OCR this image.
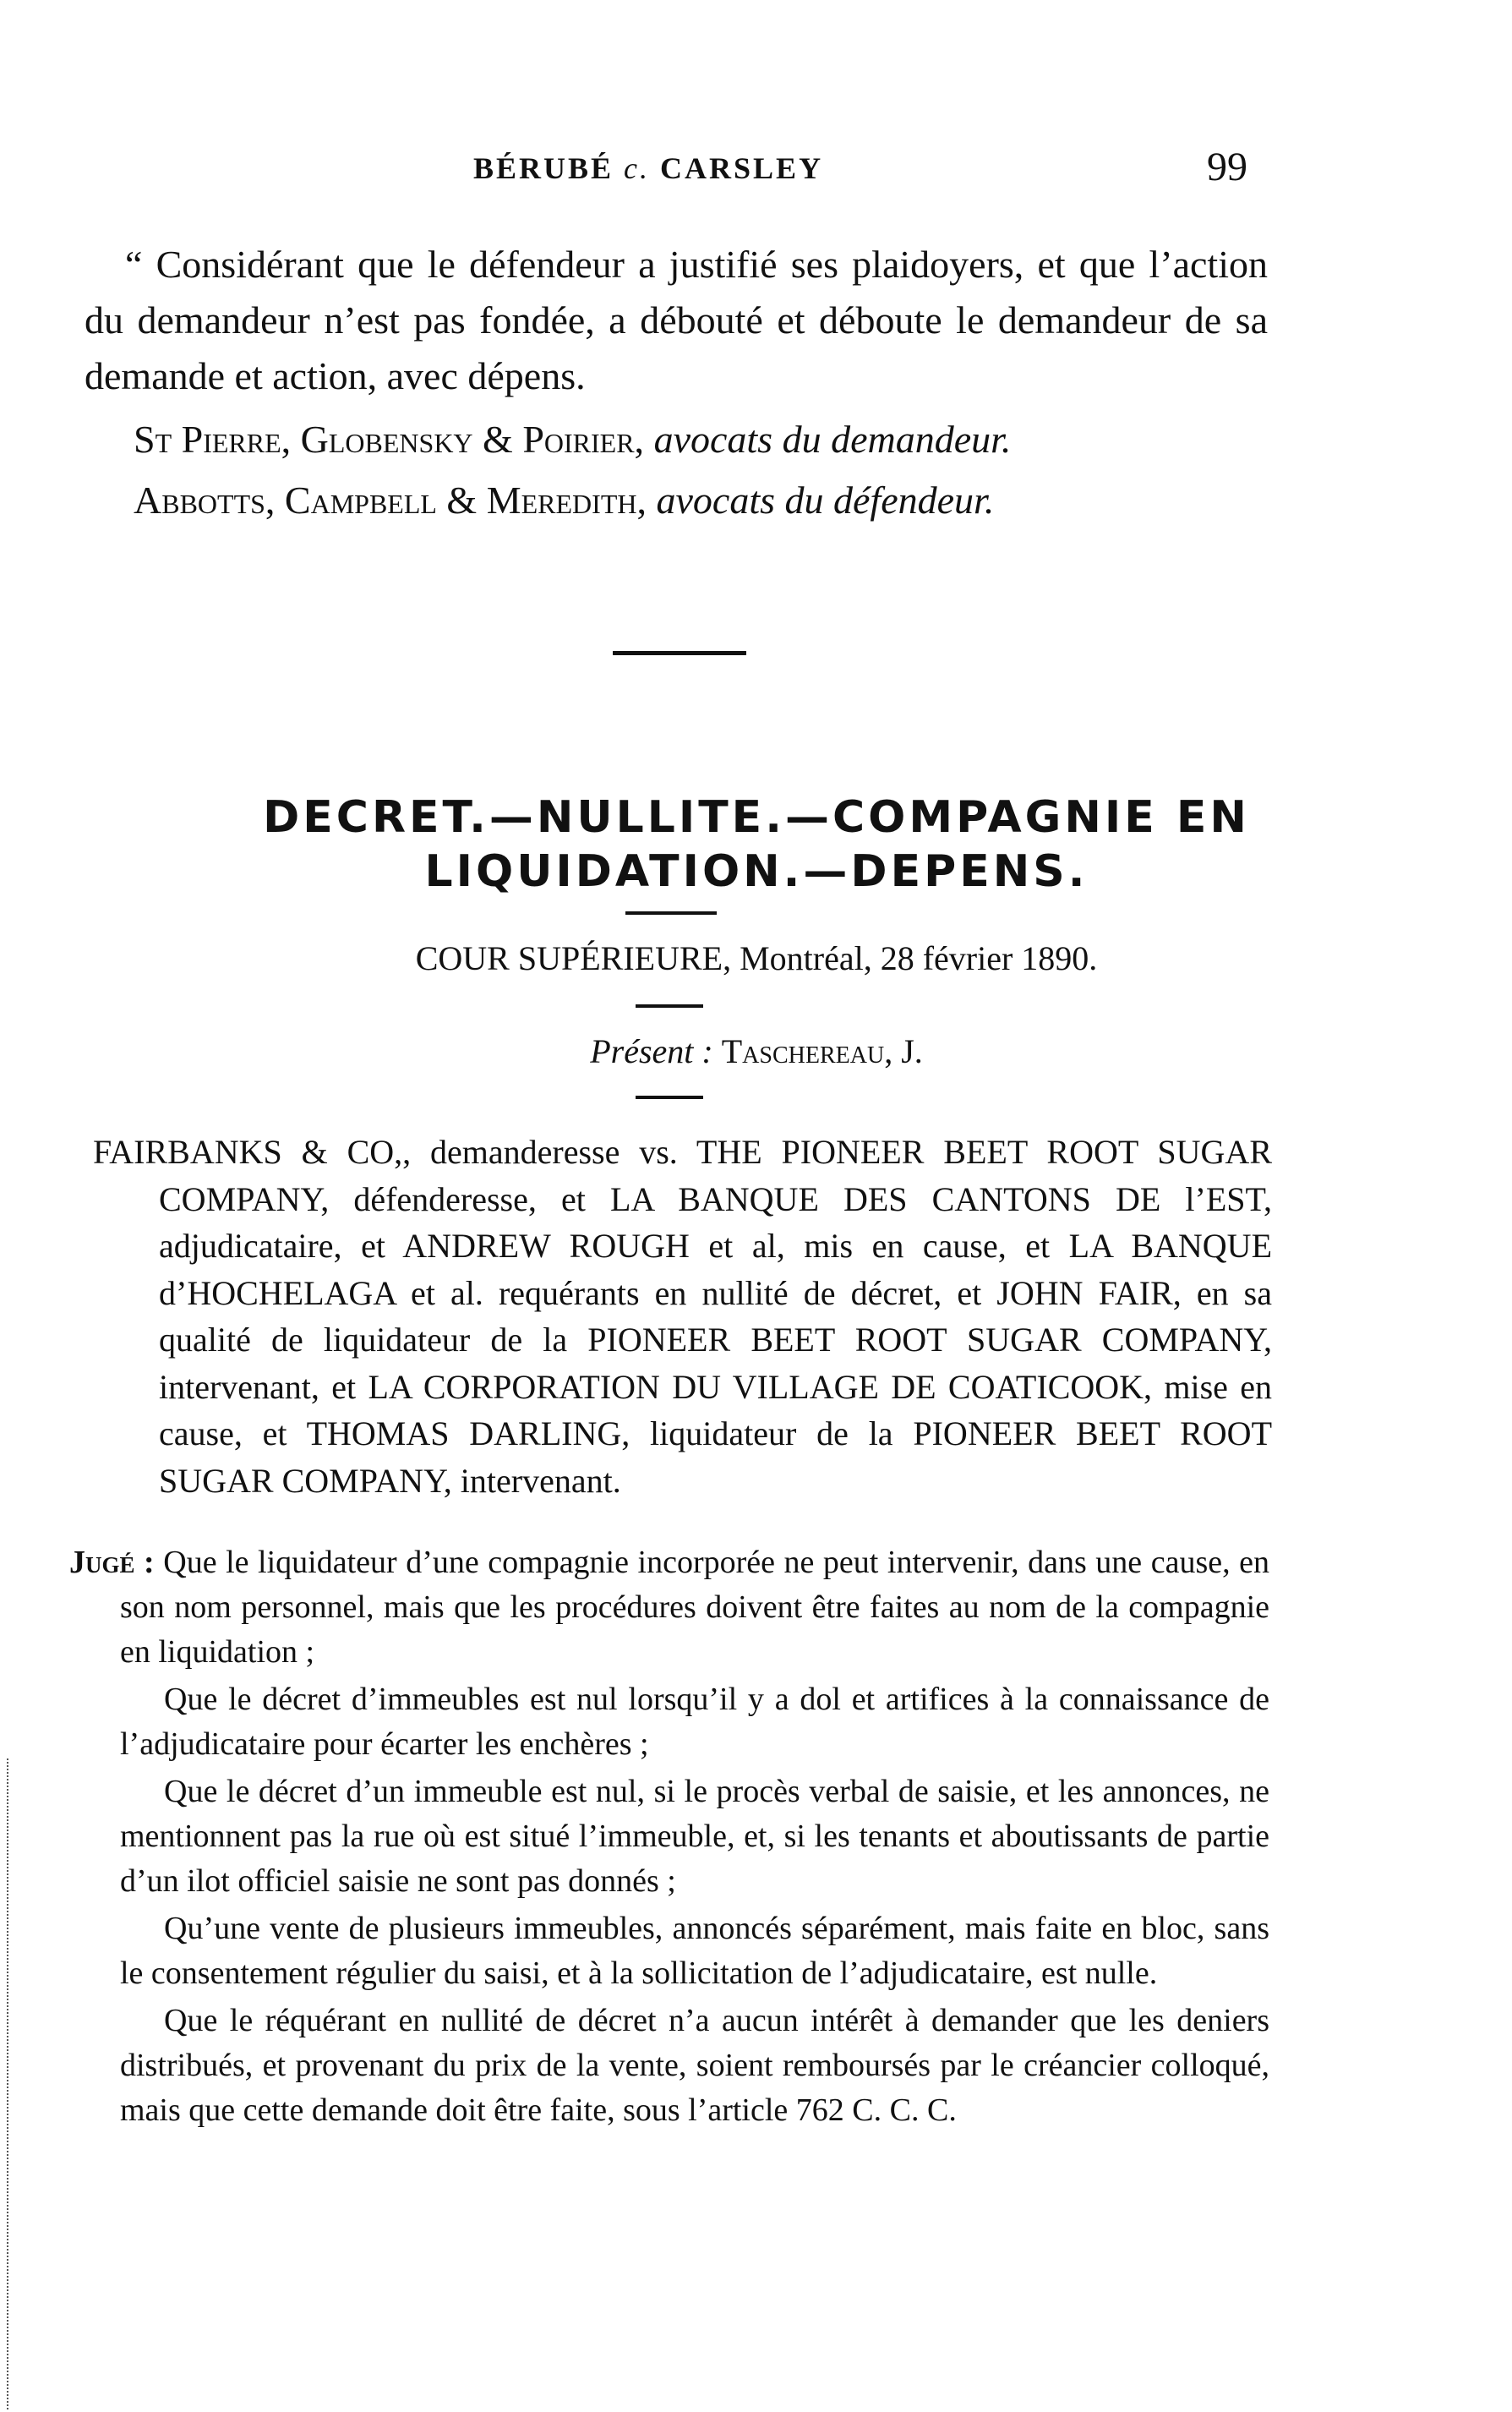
BÉRUBÉ c. CARSLEY	99

“ Considérant que le défendeur a justifié ses plaidoyers, et que l’action du demandeur n’est pas fondée, a débouté et déboute le demandeur de sa demande et action, avec dépens.

St Pierre, Globensky & Poirier, avocats du demandeur.
Abbotts, Campbell & Meredith, avocats du défendeur.
DECRET.—NULLITE.—COMPAGNIE EN
LIQUIDATION.—DEPENS.
COUR SUPÉRIEURE, Montréal, 28 février 1890.
Présent : Taschereau, J.
FAIRBANKS & CO,, demanderesse vs. THE PIONEER BEET ROOT SUGAR COMPANY, défenderesse, et LA BANQUE DES CANTONS DE l’EST, adjudicataire, et ANDREW ROUGH et al, mis en cause, et LA BANQUE d’HOCHELAGA et al. requérants en nullité de décret, et JOHN FAIR, en sa qualité de liquidateur de la PIONEER BEET ROOT SUGAR COMPANY, intervenant, et LA CORPORATION DU VILLAGE DE COATICOOK, mise en cause, et THOMAS DARLING, liquidateur de la PIONEER BEET ROOT SUGAR COMPANY, intervenant.

Jugé : Que le liquidateur d’une compagnie incorporée ne peut intervenir, dans une cause, en son nom personnel, mais que les procédures doivent être faites au nom de la compagnie en liquidation ;

Que le décret d’immeubles est nul lorsqu’il y a dol et artifices à la connaissance de l’adjudicataire pour écarter les enchères ;

Que le décret d’un immeuble est nul, si le procès verbal de saisie, et les annonces, ne mentionnent pas la rue où est situé l’immeuble, et, si les tenants et aboutissants de partie d’un ilot officiel saisie ne sont pas donnés ;

Qu’une vente de plusieurs immeubles, annoncés séparément, mais faite en bloc, sans le consentement régulier du saisi, et à la sollicitation de l’adjudicataire, est nulle.

Que le réquérant en nullité de décret n’a aucun intérêt à demander que les deniers distribués, et provenant du prix de la vente, soient remboursés par le créancier colloqué, mais que cette demande doit être faite, sous l’article 762 C. C. C.
